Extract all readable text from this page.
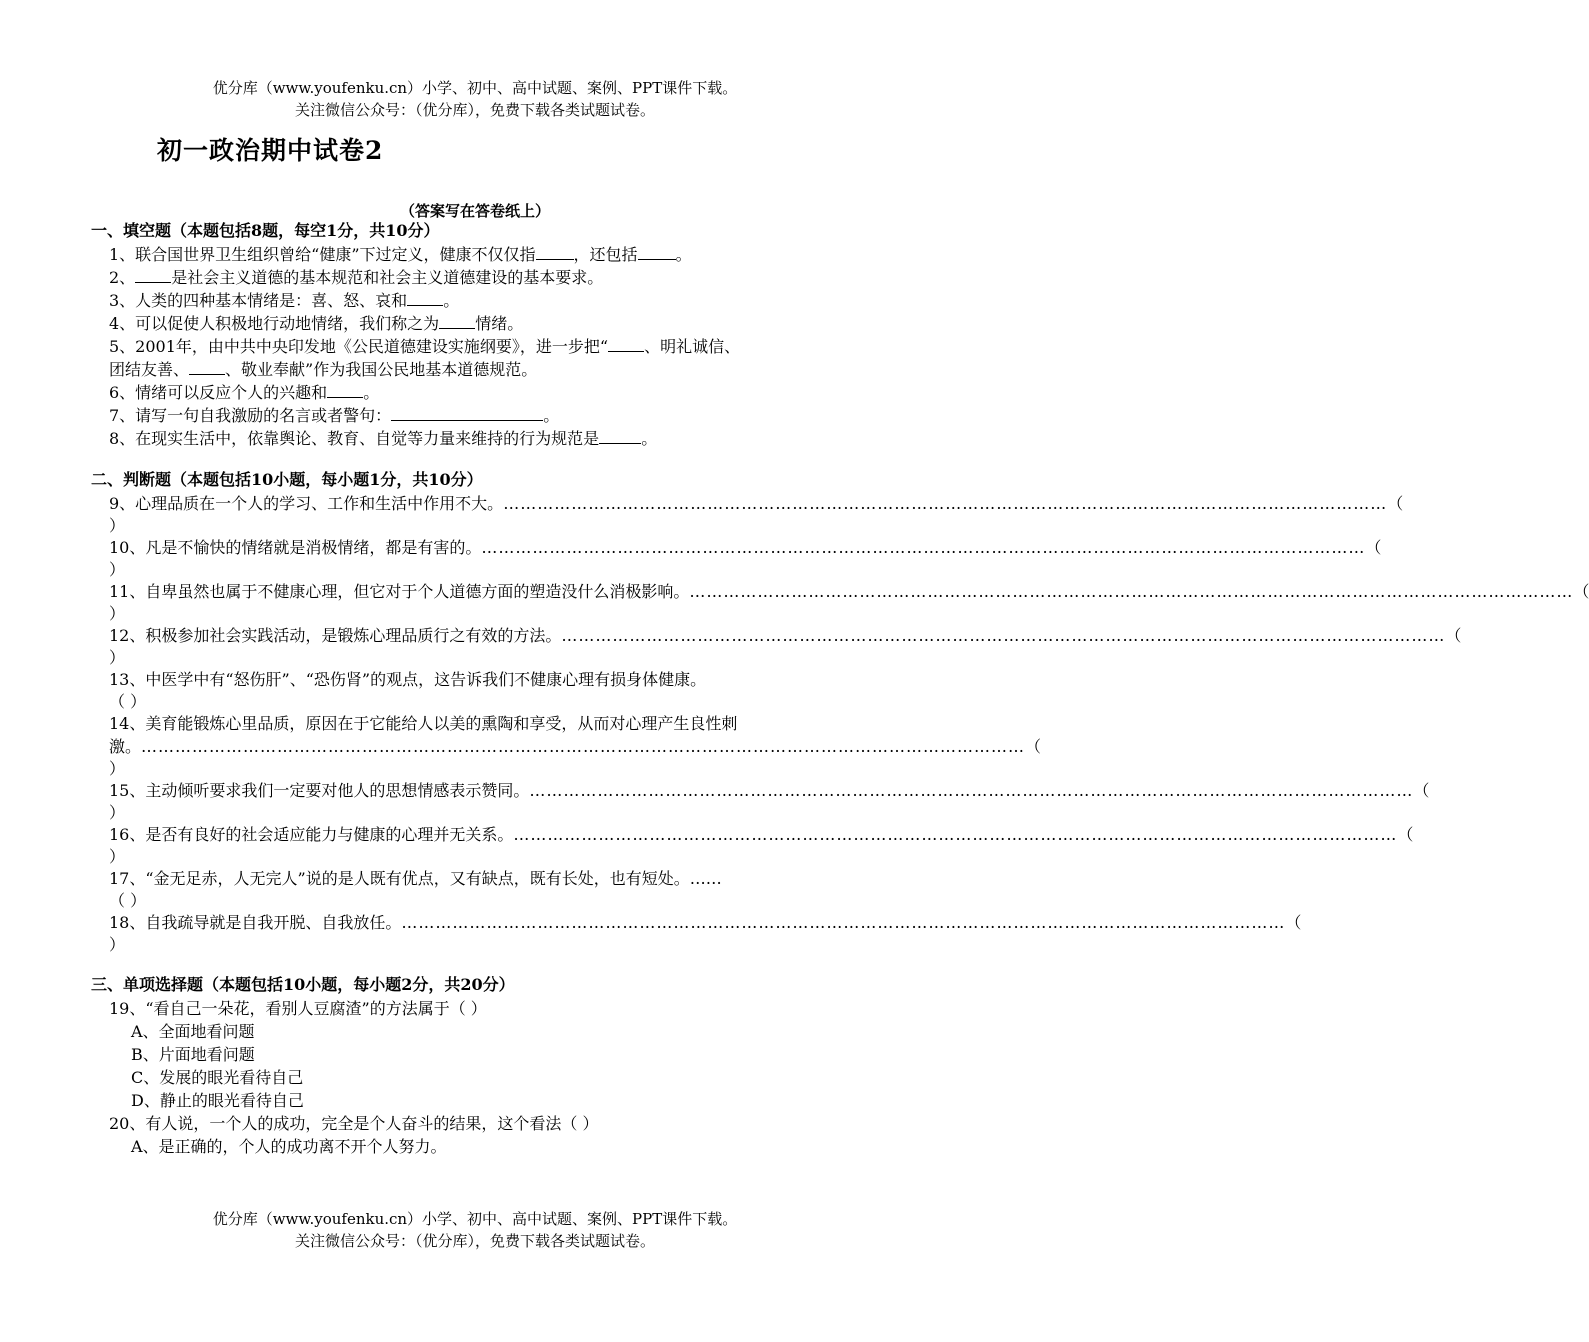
优分库（www.youfenku.cn）小学、初中、高中试题、案例、PPT课件下载。
关注微信公众号：（优分库），免费下载各类试题试卷。
初一政治期中试卷2
（答案写在答卷纸上）
一、填空题（本题包括8题，每空1分，共10分）
1、联合国世界卫生组织曾给“健康”下过定义，健康不仅仅指 ，还包括 。
2、 是社会主义道德的基本规范和社会主义道德建设的基本要求。
3、人类的四种基本情绪是：喜、怒、哀和 。
4、可以促使人积极地行动地情绪，我们称之为 情绪。
5、2001年，由中共中央印发地《公民道德建设实施纲要》，进一步把“ 、明礼诚信、
团结友善、 、敬业奉献”作为我国公民地基本道德规范。
6、情绪可以反应个人的兴趣和 。
7、请写一句自我激励的名言或者警句：	。
8、在现实生活中，依靠舆论、教育、自觉等力量来维持的行为规范是	。
二、判断题（本题包括10小题，每小题1分，共10分）
9、心理品质在一个人的学习、工作和生活中作用不大。 ………………………………………………………………………………………………………………………………………… （
）
10、凡是不愉快的情绪就是消极情绪，都是有害的。 ………………………………………………………………………………………………………………………………………… （
）
11、自卑虽然也属于不健康心理，但它对于个人道德方面的塑造没什么消极影响。 ………………………………………………………………………………………………………………………………………… （
）
12、积极参加社会实践活动，是锻炼心理品质行之有效的方法。 ………………………………………………………………………………………………………………………………………… （
）
13、中医学中有“怒伤肝”、“恐伤肾”的观点，这告诉我们不健康心理有损身体健康。
（ ）
14、美育能锻炼心里品质，原因在于它能给人以美的熏陶和享受，从而对心理产生良性刺
激。 ………………………………………………………………………………………………………………………………………… （
）
15、主动倾听要求我们一定要对他人的思想情感表示赞同。 ………………………………………………………………………………………………………………………………………… （
）
16、是否有良好的社会适应能力与健康的心理并无关系。 ………………………………………………………………………………………………………………………………………… （
）
17、“金无足赤，人无完人”说的是人既有优点，又有缺点，既有长处，也有短处。……
（ ）
18、自我疏导就是自我开脱、自我放任。 ………………………………………………………………………………………………………………………………………… （
）
三、单项选择题（本题包括10小题，每小题2分，共20分）
19、“看自己一朵花，看别人豆腐渣”的方法属于（ ）
A、全面地看问题
B、片面地看问题
C、发展的眼光看待自己
D、静止的眼光看待自己
20、有人说，一个人的成功，完全是个人奋斗的结果，这个看法（ ）
A、是正确的，个人的成功离不开个人努力。
优分库（www.youfenku.cn）小学、初中、高中试题、案例、PPT课件下载。
关注微信公众号：（优分库），免费下载各类试题试卷。
